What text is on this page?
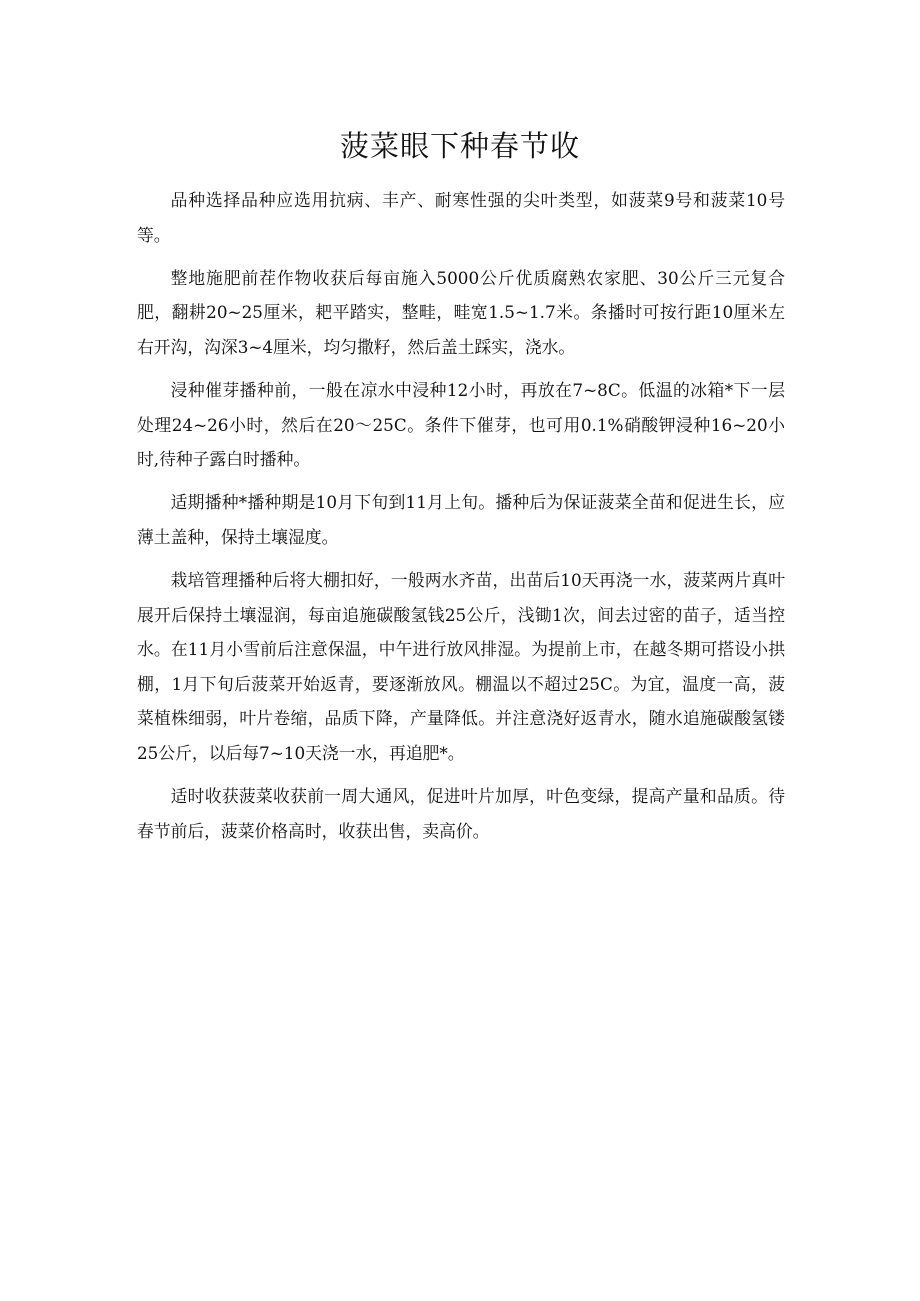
菠菜眼下种春节收

品种选择品种应选用抗病、丰产、耐寒性强的尖叶类型，如菠菜9号和菠菜10号等。

整地施肥前茬作物收获后每亩施入5000公斤优质腐熟农家肥、30公斤三元复合肥，翻耕20~25厘米，耙平踏实，整畦，畦宽1.5~1.7米。条播时可按行距10厘米左右开沟，沟深3~4厘米，均匀撒籽，然后盖土踩实，浇水。

浸种催芽播种前，一般在凉水中浸种12小时，再放在7~8C。低温的冰箱*下一层处理24~26小时，然后在20～25C。条件下催芽，也可用0.1%硝酸钾浸种16~20小时,待种子露白时播种。

适期播种*播种期是10月下旬到11月上旬。播种后为保证菠菜全苗和促进生长，应薄土盖种，保持土壤湿度。

栽培管理播种后将大棚扣好，一般两水齐苗，出苗后10天再浇一水，菠菜两片真叶展开后保持土壤湿润，每亩追施碳酸氢钱25公斤，浅锄1次，间去过密的苗子，适当控水。在11月小雪前后注意保温，中午进行放风排湿。为提前上市，在越冬期可搭设小拱棚，1月下旬后菠菜开始返青，要逐渐放风。棚温以不超过25C。为宜，温度一高，菠菜植株细弱，叶片卷缩，品质下降，产量降低。并注意浇好返青水，随水追施碳酸氢镂25公斤，以后每7~10天浇一水，再追肥*。

适时收获菠菜收获前一周大通风，促进叶片加厚，叶色变绿，提高产量和品质。待春节前后，菠菜价格高时，收获出售，卖高价。
